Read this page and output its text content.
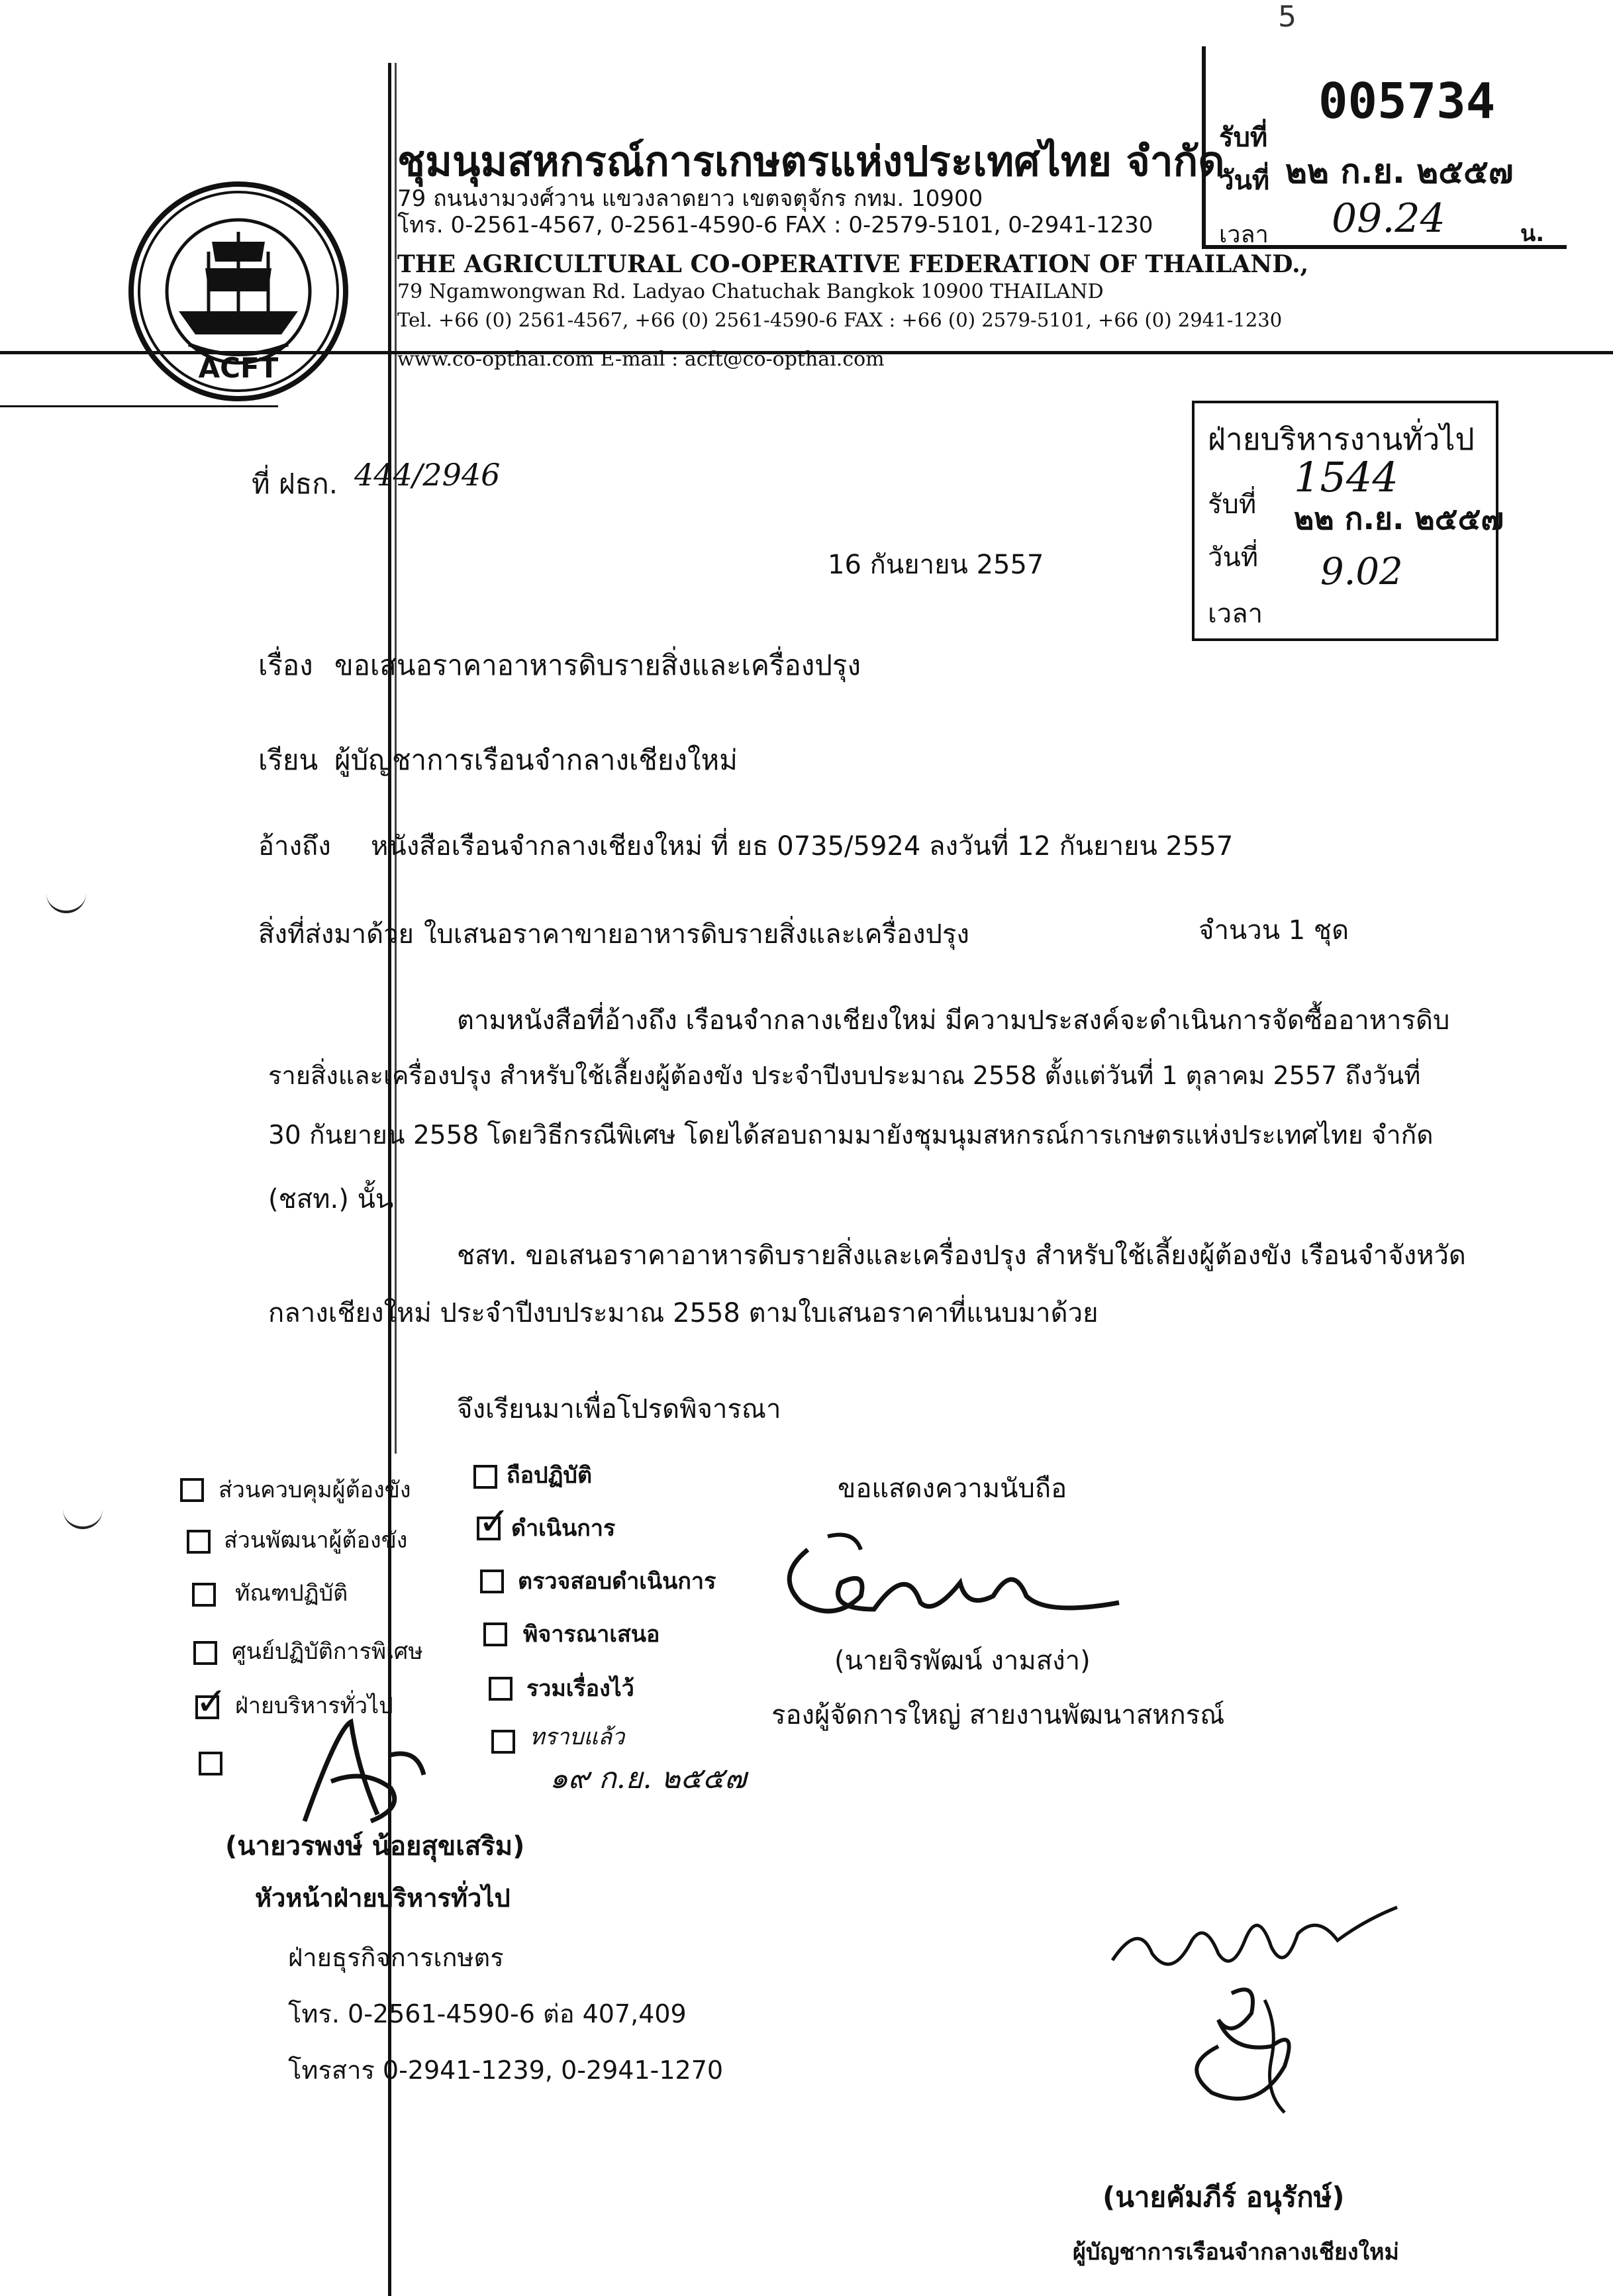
5
ACFT
ชุมนุมสหกรณ์การเกษตรแห่งประเทศไทย จำกัด
79 ถนนงามวงศ์วาน แขวงลาดยาว เขตจตุจักร กทม. 10900
โทร. 0-2561-4567, 0-2561-4590-6 FAX : 0-2579-5101, 0-2941-1230
THE AGRICULTURAL CO-OPERATIVE FEDERATION OF THAILAND.,
79 Ngamwongwan Rd. Ladyao Chatuchak Bangkok 10900 THAILAND
Tel. +66 (0) 2561-4567, +66 (0) 2561-4590-6 FAX : +66 (0) 2579-5101, +66 (0) 2941-1230
www.co-opthai.com E-mail : acft@co-opthai.com
005734
รับที่
๒๒ ก.ย. ๒๕๕๗
วันที่
เวลา 09.24	น.
ฝ่ายบริหารงานทั่วไป
รับที่
1544
๒๒ ก.ย. ๒๕๕๗
วันที่ 9.02
เวลา
ที่ ฝธก. 444/2946
16 กันยายน 2557
เรื่อง ขอเสนอราคาอาหารดิบรายสิ่งและเครื่องปรุง
เรียน ผู้บัญชาการเรือนจำกลางเชียงใหม่
อ้างถึง หนังสือเรือนจำกลางเชียงใหม่ ที่ ยธ 0735/5924 ลงวันที่ 12 กันยายน 2557
สิ่งที่ส่งมาด้วย ใบเสนอราคาขายอาหารดิบรายสิ่งและเครื่องปรุง	จำนวน 1 ชุด
ตามหนังสือที่อ้างถึง เรือนจำกลางเชียงใหม่ มีความประสงค์จะดำเนินการจัดซื้ออาหารดิบ
รายสิ่งและเครื่องปรุง สำหรับใช้เลี้ยงผู้ต้องขัง ประจำปีงบประมาณ 2558 ตั้งแต่วันที่ 1 ตุลาคม 2557 ถึงวันที่
30 กันยายน 2558 โดยวิธีกรณีพิเศษ โดยได้สอบถามมายังชุมนุมสหกรณ์การเกษตรแห่งประเทศไทย จำกัด
(ชสท.) นั้น
ชสท. ขอเสนอราคาอาหารดิบรายสิ่งและเครื่องปรุง สำหรับใช้เลี้ยงผู้ต้องขัง เรือนจำจังหวัด
กลางเชียงใหม่ ประจำปีงบประมาณ 2558 ตามใบเสนอราคาที่แนบมาด้วย
จึงเรียนมาเพื่อโปรดพิจารณา
ส่วนควบคุมผู้ต้องขัง
ส่วนพัฒนาผู้ต้องขัง
ทัณฑปฏิบัติ
ศูนย์ปฏิบัติการพิเศษ
✓ ฝ่ายบริหารทั่วไป
ถือปฏิบัติ
✓ ดำเนินการ
ตรวจสอบดำเนินการ
พิจารณาเสนอ
รวมเรื่องไว้
ทราบแล้ว
๑๙ ก.ย. ๒๕๕๗
ขอแสดงความนับถือ
(นายจิรพัฒน์ งามสง่า)
รองผู้จัดการใหญ่ สายงานพัฒนาสหกรณ์
(นายวรพงษ์ น้อยสุขเสริม)
หัวหน้าฝ่ายบริหารทั่วไป
ฝ่ายธุรกิจการเกษตร
โทร. 0-2561-4590-6 ต่อ 407,409
โทรสาร 0-2941-1239, 0-2941-1270
(นายคัมภีร์ อนุรักษ์)
ผู้บัญชาการเรือนจำกลางเชียงใหม่
